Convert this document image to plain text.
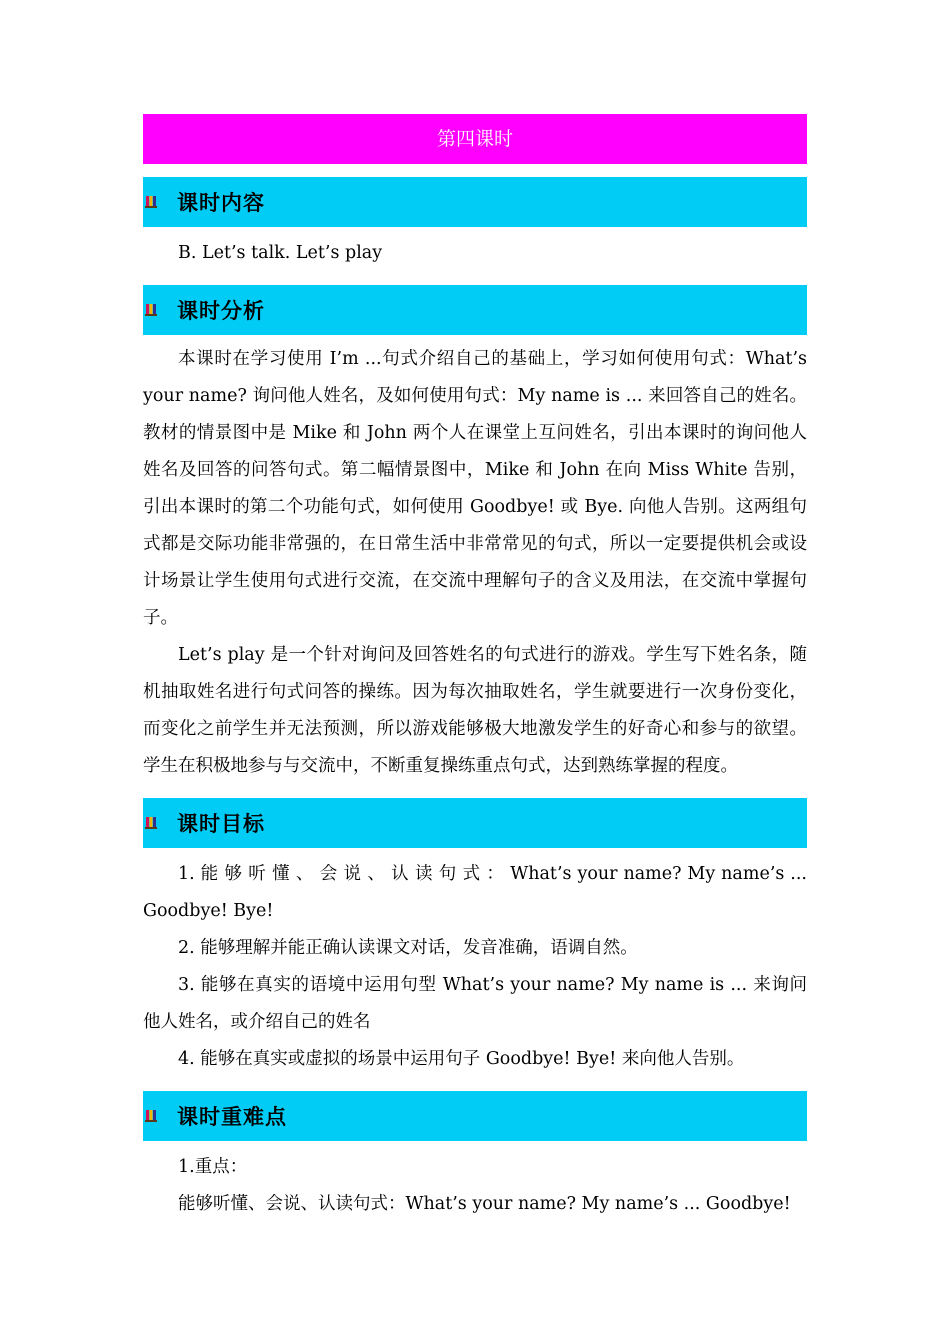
第四课时
课时内容

B. Let’s talk. Let’s play

课时分析

本课时在学习使用 I’m ...句式介绍自己的基础上，学习如何使用句式：What’s your name? 询问他人姓名，及如何使用句式：My name is ... 来回答自己的姓名。教材的情景图中是 Mike 和 John 两个人在课堂上互问姓名，引出本课时的询问他人姓名及回答的问答句式。第二幅情景图中，Mike 和 John 在向 Miss White 告别，引出本课时的第二个功能句式，如何使用 Goodbye! 或 Bye. 向他人告别。这两组句式都是交际功能非常强的，在日常生活中非常常见的句式，所以一定要提供机会或设计场景让学生使用句式进行交流，在交流中理解句子的含义及用法，在交流中掌握句子。

Let’s play 是一个针对询问及回答姓名的句式进行的游戏。学生写下姓名条，随机抽取姓名进行句式问答的操练。因为每次抽取姓名，学生就要进行一次身份变化，而变化之前学生并无法预测，所以游戏能够极大地激发学生的好奇心和参与的欲望。学生在积极地参与与交流中，不断重复操练重点句式，达到熟练掌握的程度。

课时目标

1. 能 够 听 懂 、 会 说 、 认 读 句 式 ： What’s your name? My name’s ... Goodbye! Bye!

2. 能够理解并能正确认读课文对话，发音准确，语调自然。

3. 能够在真实的语境中运用句型 What’s your name? My name is ... 来询问他人姓名，或介绍自己的姓名

4. 能够在真实或虚拟的场景中运用句子 Goodbye! Bye! 来向他人告别。

课时重难点

1.重点：

能够听懂、会说、认读句式：What’s your name? My name’s ... Goodbye!
